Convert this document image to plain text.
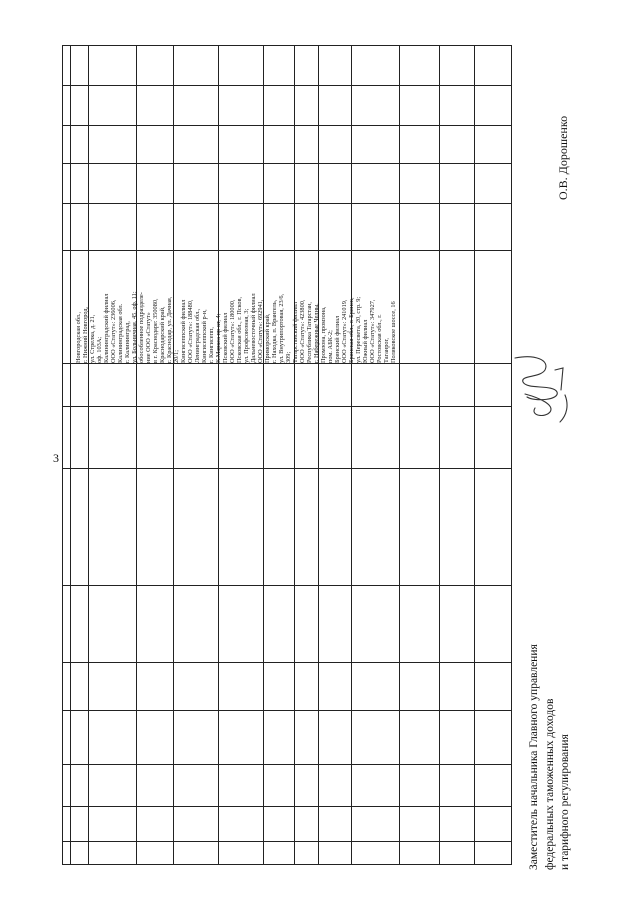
3
Новгородская обл., г. Нижний Новгород, ул. Стрелка, д. 21, оф. 103А; Калининградский филиал ООО «Статут»: 236006, Калининградская обл. г. Калининград, ул. Больничная, 45, оф. 11; обособленное подразделе- ние ООО «Статут» в г. Краснодаре: 350080, Краснодарский край, г. Краснодар, ул. Дачная, 20/1; Кингисеппский филиал ООО «Статут»: 188480, Ленинградская обл., Кингисеппский р-н, г. Кингисепп, К.Маркса пр-кт, 4; Псковский филиал ООО «Статут»: 180000, Псковская обл., г. Псков, ул. Профсоюзная, 3; Дальневосточный филиал ООО «Статут»: 692941, Приморский край, г. Находка, п. Врангель, ул. Внутрипортовая, 23/6, 309; Татарстанский филиал ООО «Статут»: 423800, Республика Татарстан, г. Набережные Челны, Промзона, промзона, пом. АБК-2; Брянский филиал ООО «Статут»: 241019, Брянская обл., г. Брянск, ул. Пересвета, 20, стр. 9; Южный филиал ООО «Статут»: 347927, Ростовская обл., г. Таганрог, Поляковское шоссе, 16
Заместитель начальника Главного управления федеральных таможенных доходов и тарифного регулирования
О.В. Дорошенко
